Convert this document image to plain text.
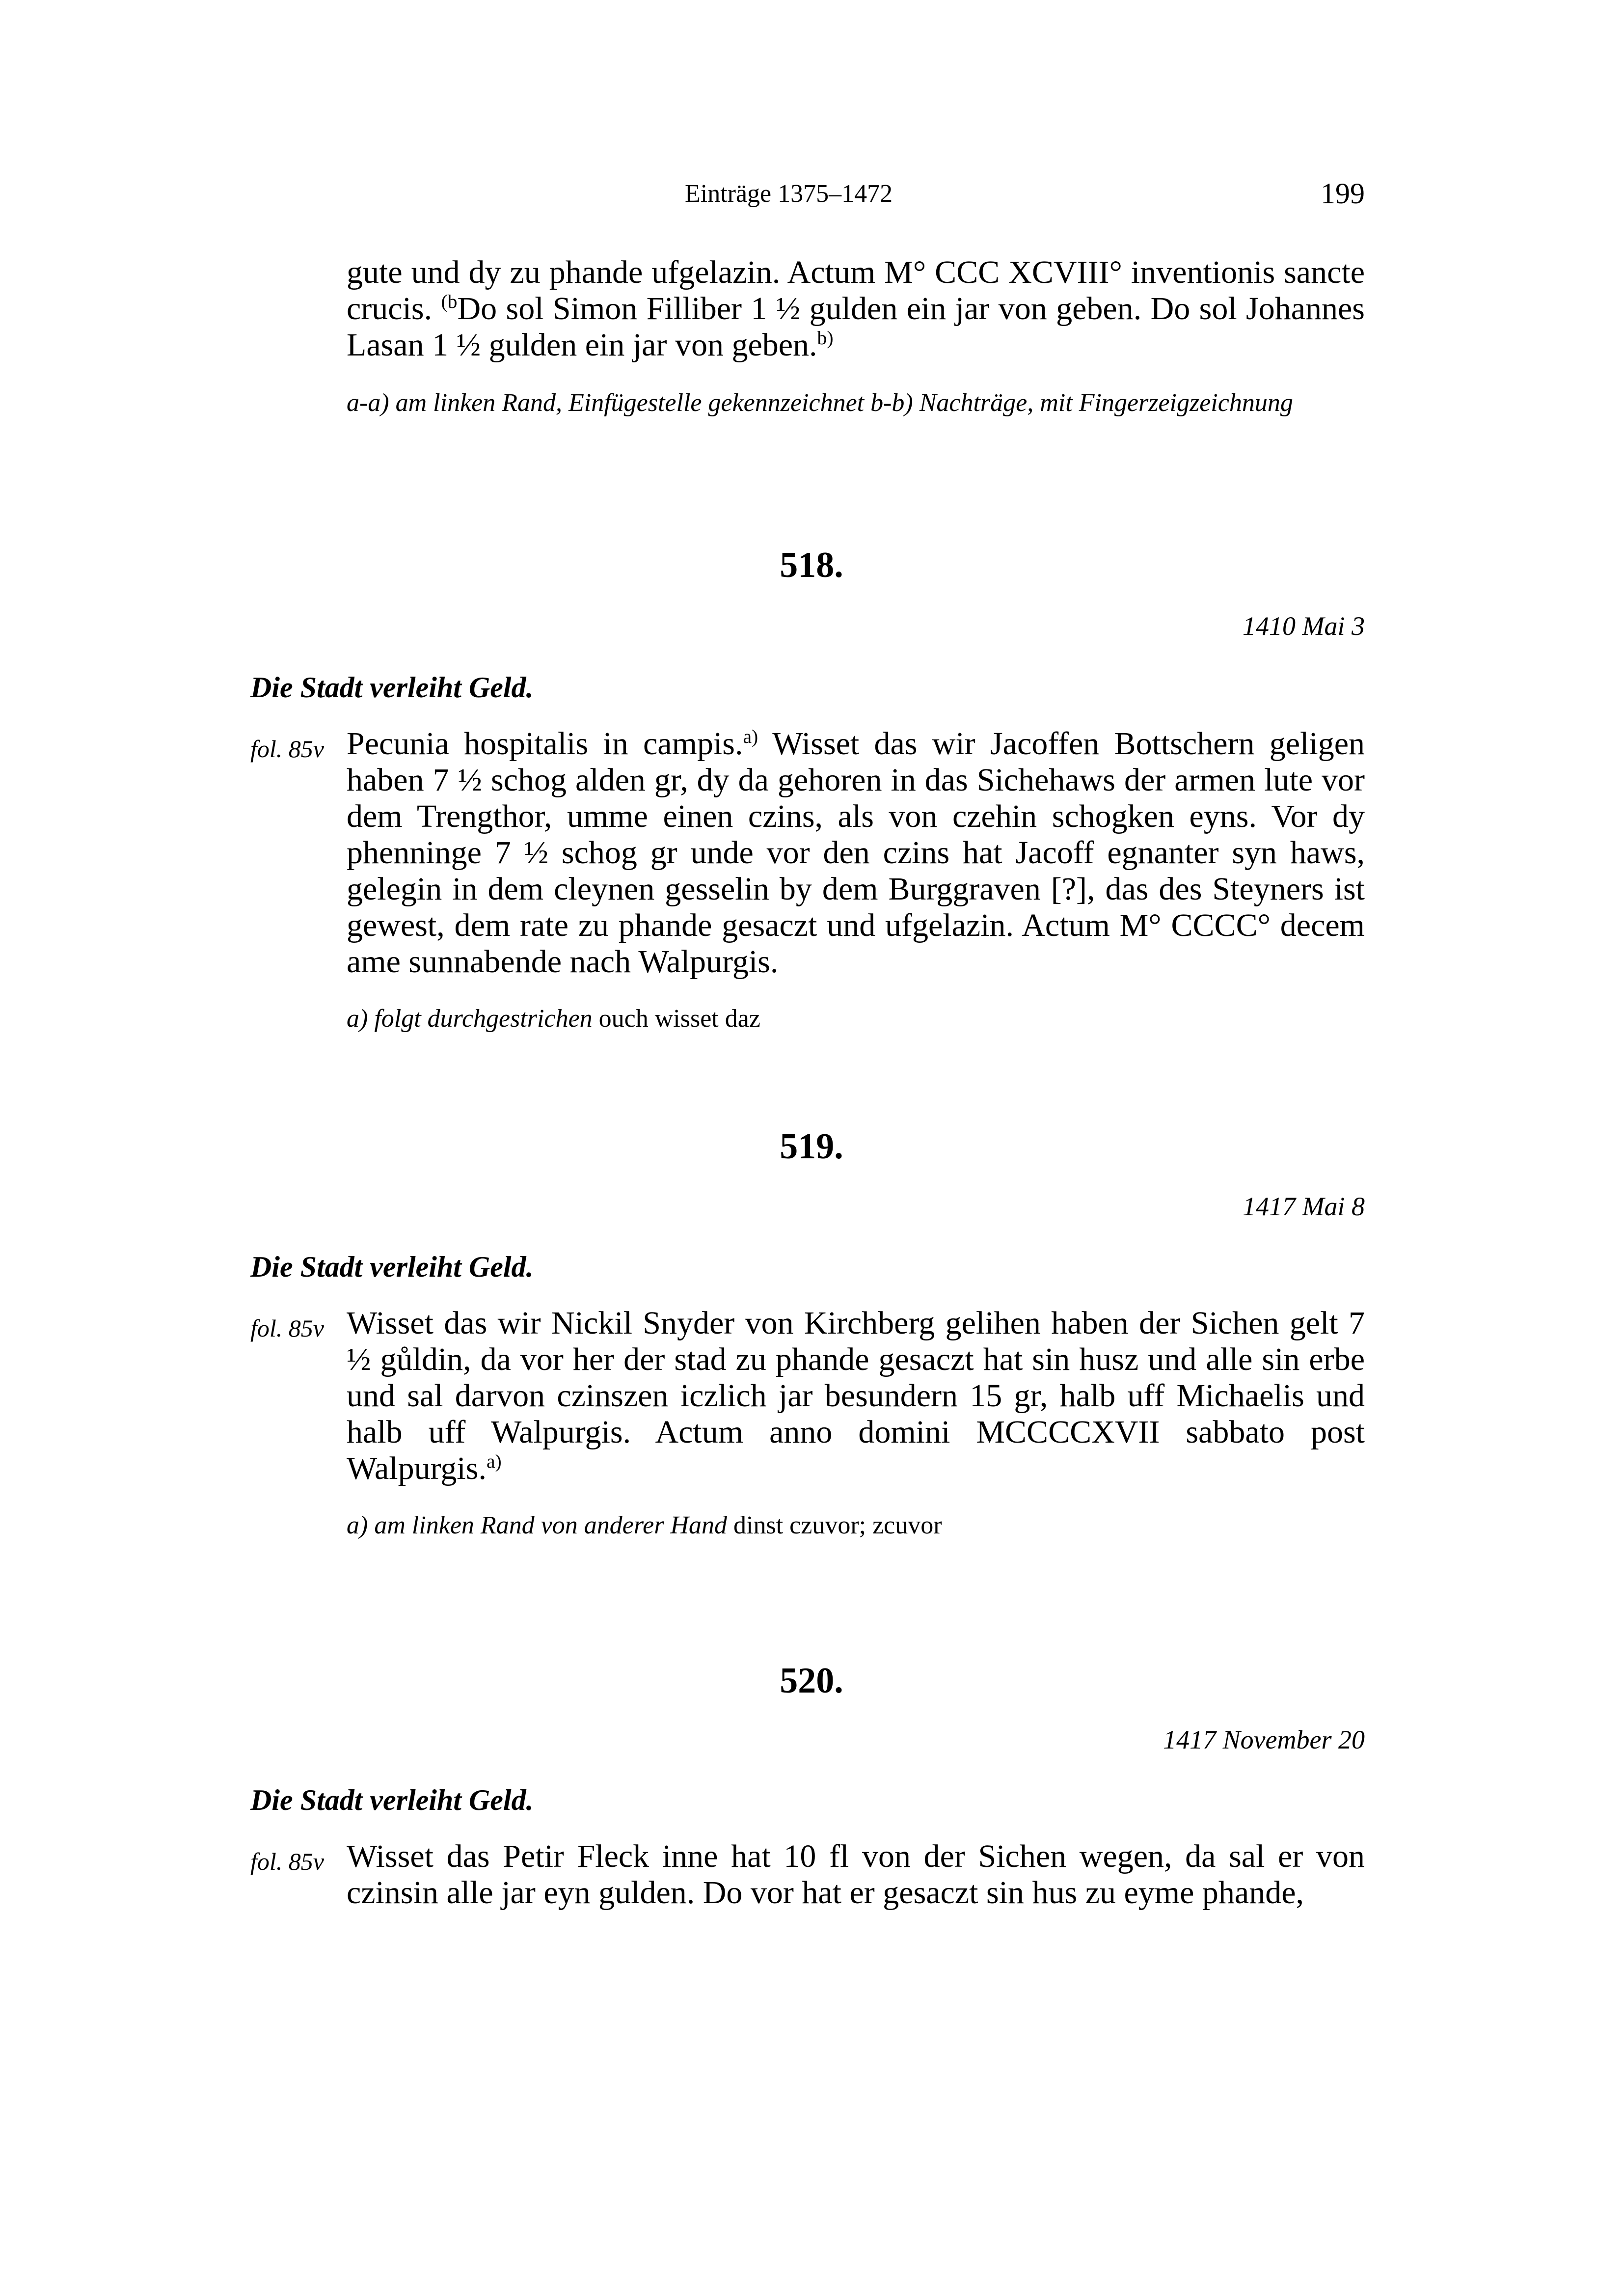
Einträge 1375–1472	199
gute und dy zu phande ufgelazin. Actum M° CCC XCVIII° inventionis sancte crucis. $^{(b}$Do sol Simon Filliber 1 ½ gulden ein jar von geben. Do sol Johannes Lasan 1 ½ gulden ein jar von geben.$^{b)}$
a-a) am linken Rand, Einfügestelle gekennzeichnet b-b) Nachträge, mit Fingerzeigzeichnung
518.
1410 Mai 3
Die Stadt verleiht Geld.
fol. 85v Pecunia hospitalis in campis.$^{a)}$ Wisset das wir Jacoffen Bottschern geligen haben 7 ½ schog alden gr, dy da gehoren in das Sichehaws der armen lute vor dem Trengthor, umme einen czins, als von czehin schogken eyns. Vor dy phenninge 7 ½ schog gr unde vor den czins hat Jacoff egnanter syn haws, gelegin in dem cleynen gesselin by dem Burggraven [?], das des Steyners ist gewest, dem rate zu phande gesaczt und ufgelazin. Actum M° CCCC° decem ame sunnabende nach Walpurgis.
a) folgt durchgestrichen ouch wisset daz
519.
1417 Mai 8
Die Stadt verleiht Geld.
fol. 85v Wisset das wir Nickil Snyder von Kirchberg gelihen haben der Sichen gelt 7 ½ gůldin, da vor her der stad zu phande gesaczt hat sin husz und alle sin erbe und sal darvon czinszen iczlich jar besundern 15 gr, halb uff Michaelis und halb uff Walpurgis. Actum anno domini MCCCCXVII sabbato post Walpurgis.$^{a)}$
a) am linken Rand von anderer Hand dinst czuvor; zcuvor
520.
1417 November 20
Die Stadt verleiht Geld.
fol. 85v Wisset das Petir Fleck inne hat 10 fl von der Sichen wegen, da sal er von czinsin alle jar eyn gulden. Do vor hat er gesaczt sin hus zu eyme phande,
